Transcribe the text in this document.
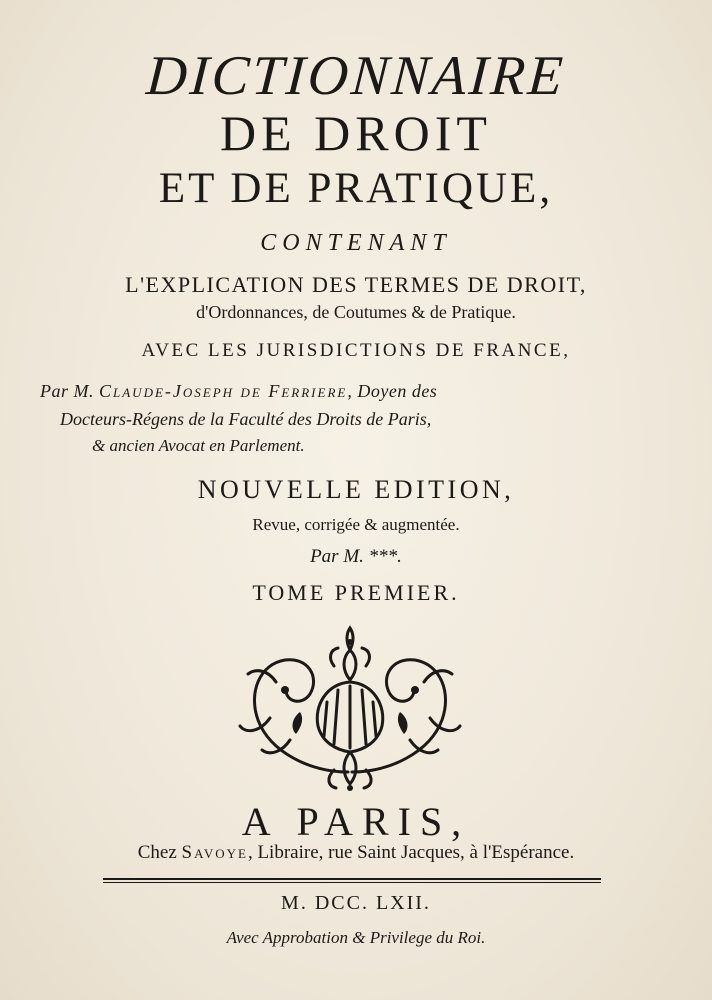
DICTIONNAIRE
DE DROIT
ET DE PRATIQUE,
CONTENANT
L'EXPLICATION DES TERMES DE DROIT,
d'Ordonnances, de Coutumes & de Pratique.
AVEC LES JURISDICTIONS DE FRANCE,
Par M. Claude-Joseph de Ferriere, Doyen des
Docteurs-Régens de la Faculté des Droits de Paris,
& ancien Avocat en Parlement.
NOUVELLE EDITION,
Revue, corrigée & augmentée.
Par M. ***.
TOME PREMIER.
A PARIS,
Chez Savoye, Libraire, rue Saint Jacques, à l'Espérance.
M. DCC. LXII.
Avec Approbation & Privilege du Roi.
